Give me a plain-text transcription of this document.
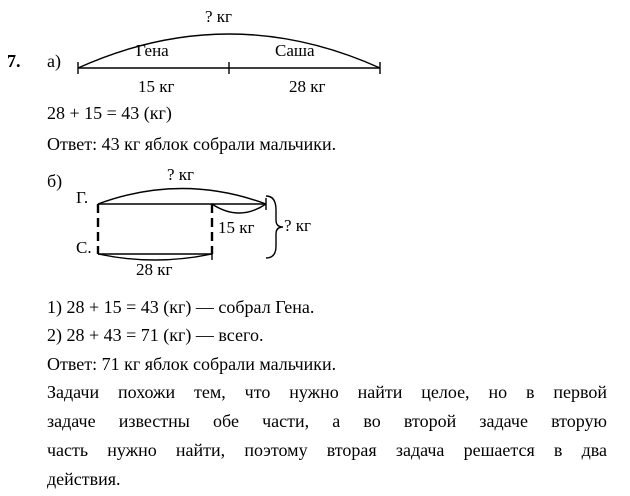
7. а)
? кг
Гена	Саша
15 кг	28 кг
28 + 15 = 43 (кг)
Ответ: 43 кг яблок собрали мальчики.
б)	? кг
Г.
С.
15 кг ? кг
28 кг
1) 28 + 15 = 43 (кг) — собрал Гена.
2) 28 + 43 = 71 (кг) — всего.
Ответ: 71 кг яблок собрали мальчики.
Задачи похожи тем, что нужно найти целое, но в первой
задаче известны обе части, а во второй задаче вторую
часть нужно найти, поэтому вторая задача решается в два
действия.
